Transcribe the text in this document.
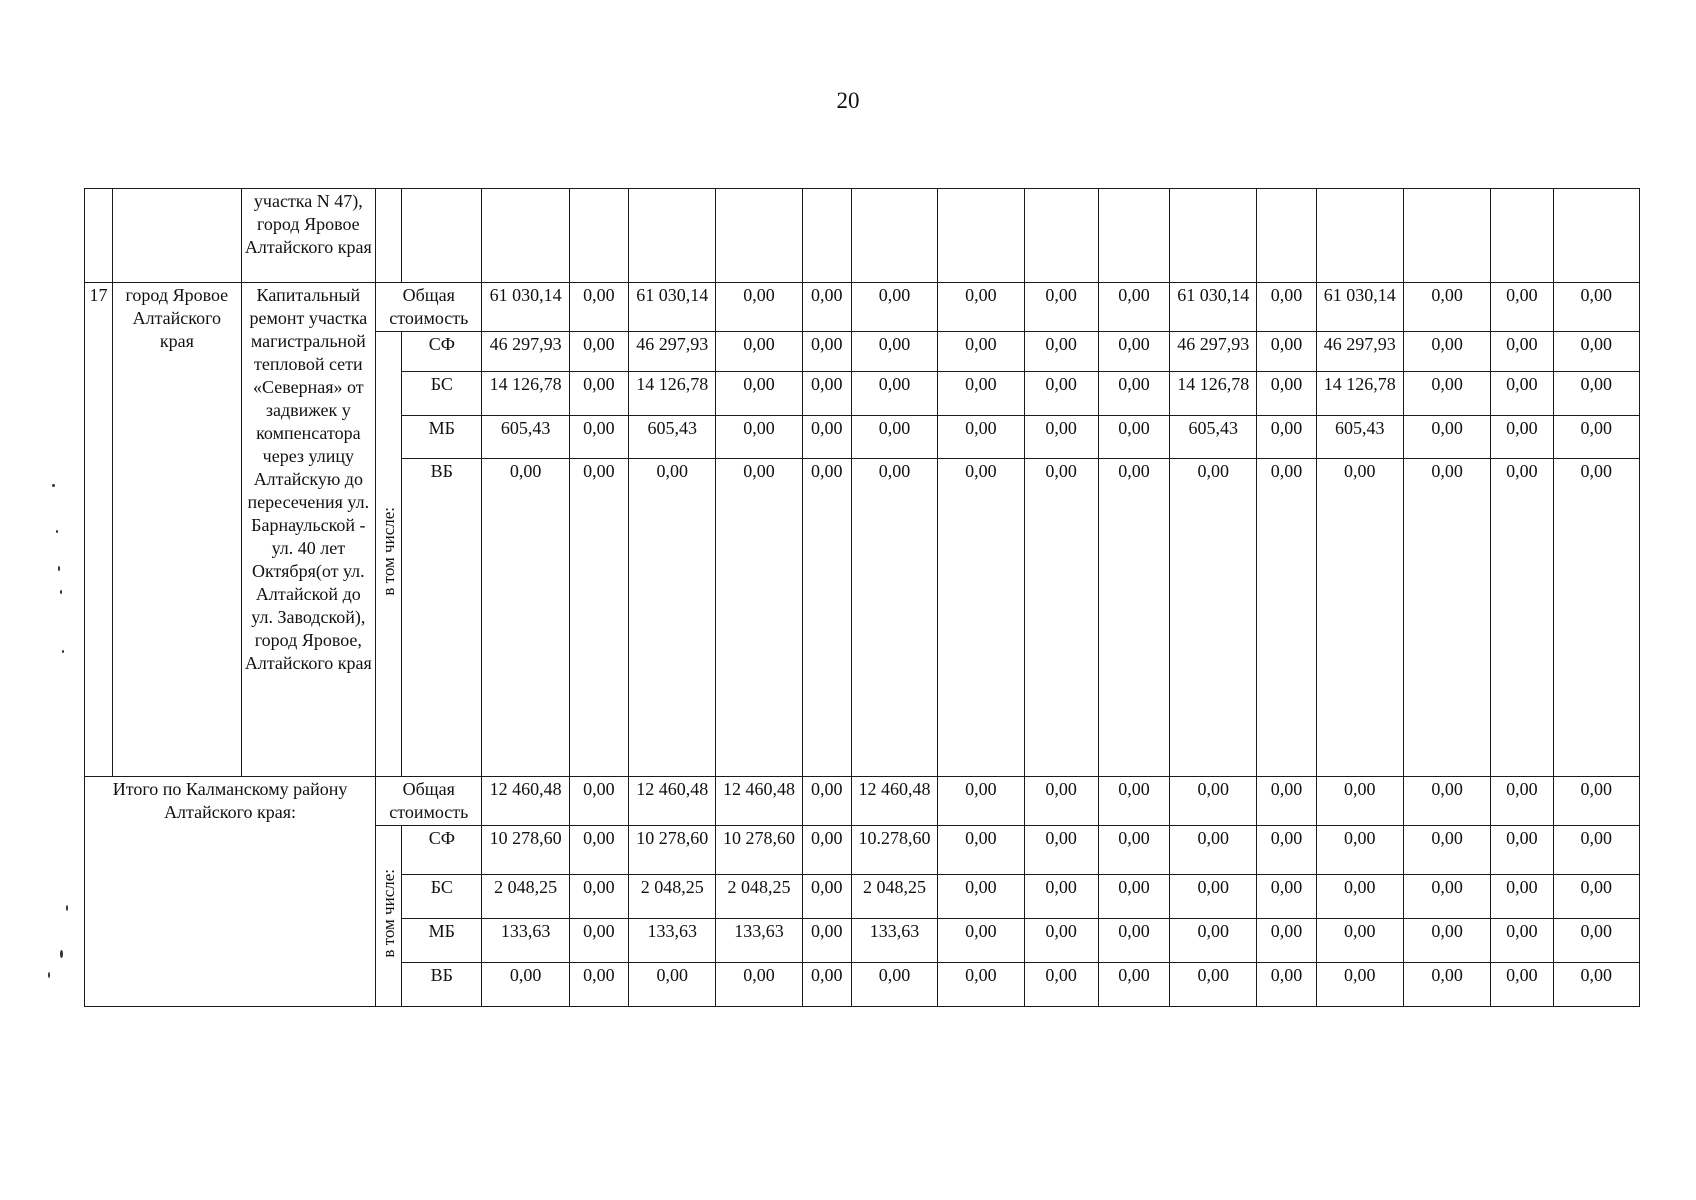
20
		участка N 47), город Яровое Алтайского края																	
17	город Яровое Алтайского края	Капитальный ремонт участка магистральной тепловой сети «Северная» от задвижек у компенсатора через улицу Алтайскую до пересечения ул. Барнаульской - ул. 40 лет Октября(от ул. Алтайской до ул. Заводской), город Яровое, Алтайского края	Общая стоимость		61 030,14	0,00	61 030,14	0,00	0,00	0,00	0,00	0,00	0,00	61 030,14	0,00	61 030,14	0,00	0,00	0,00
			в том числе:	СФ	46 297,93	0,00	46 297,93	0,00	0,00	0,00	0,00	0,00	0,00	46 297,93	0,00	46 297,93	0,00	0,00	0,00
				БС	14 126,78	0,00	14 126,78	0,00	0,00	0,00	0,00	0,00	0,00	14 126,78	0,00	14 126,78	0,00	0,00	0,00
				МБ	605,43	0,00	605,43	0,00	0,00	0,00	0,00	0,00	0,00	605,43	0,00	605,43	0,00	0,00	0,00
				ВБ	0,00	0,00	0,00	0,00	0,00	0,00	0,00	0,00	0,00	0,00	0,00	0,00	0,00	0,00	0,00
Итого по Калманскому району Алтайского края:			Общая стоимость		12 460,48	0,00	12 460,48	12 460,48	0,00	12 460,48	0,00	0,00	0,00	0,00	0,00	0,00	0,00	0,00	0,00
			в том числе:	СФ	10 278,60	0,00	10 278,60	10 278,60	0,00	10.278,60	0,00	0,00	0,00	0,00	0,00	0,00	0,00	0,00	0,00
				БС	2 048,25	0,00	2 048,25	2 048,25	0,00	2 048,25	0,00	0,00	0,00	0,00	0,00	0,00	0,00	0,00	0,00
				МБ	133,63	0,00	133,63	133,63	0,00	133,63	0,00	0,00	0,00	0,00	0,00	0,00	0,00	0,00	0,00
				ВБ	0,00	0,00	0,00	0,00	0,00	0,00	0,00	0,00	0,00	0,00	0,00	0,00	0,00	0,00	0,00
